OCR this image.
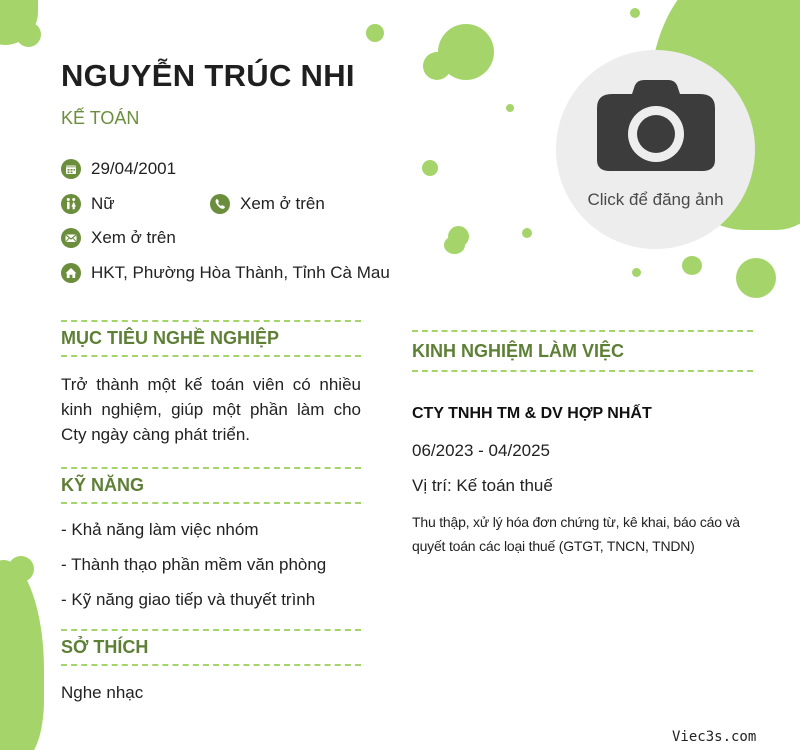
NGUYỄN TRÚC NHI
KẾ TOÁN
29/04/2001
Nữ	Xem ở trên
Xem ở trên
HKT, Phường Hòa Thành, Tỉnh Cà Mau
Click để đăng ảnh
MỤC TIÊU NGHỀ NGHIỆP
Trở thành một kế toán viên có nhiều kinh nghiệm, giúp một phần làm cho Cty ngày càng phát triển.
KỸ NĂNG
- Khả năng làm việc nhóm
- Thành thạo phần mềm văn phòng
- Kỹ năng giao tiếp và thuyết trình
SỞ THÍCH
Nghe nhạc
KINH NGHIỆM LÀM VIỆC
CTY TNHH TM & DV HỢP NHẤT
06/2023 - 04/2025
Vị trí: Kế toán thuế
Thu thập, xử lý hóa đơn chứng từ, kê khai, báo cáo và quyết toán các loại thuế (GTGT, TNCN, TNDN)
Viec3s.com
